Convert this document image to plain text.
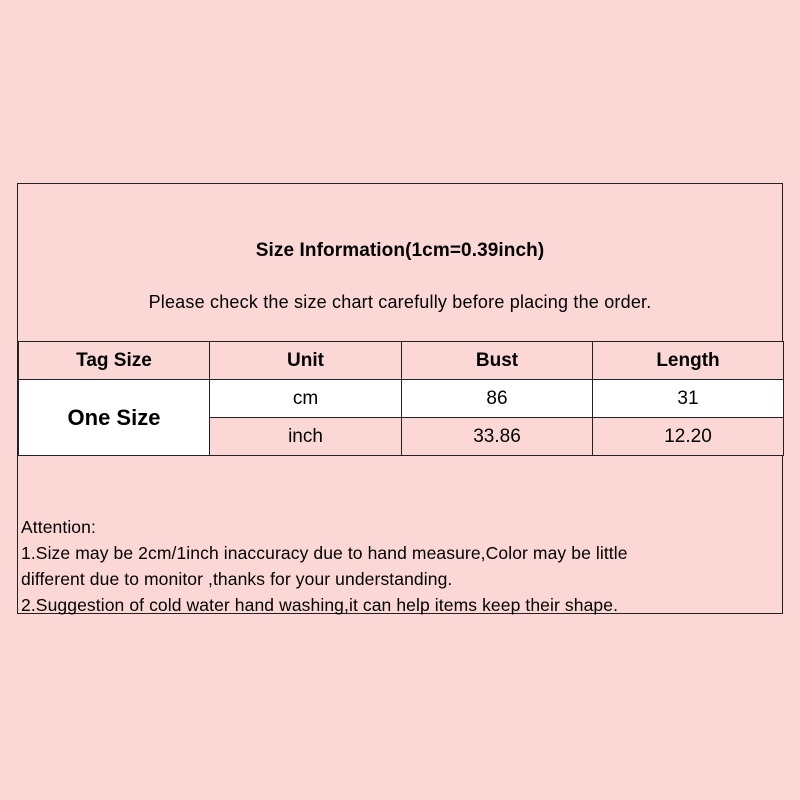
Size Information(1cm=0.39inch)
Please check the size chart carefully before placing the order.
Tag Size	Unit	Bust	Length
One Size	cm	86	31
	inch	33.86	12.20
Attention:
1.Size may be 2cm/1inch inaccuracy due to hand measure,Color may be little
different due to monitor ,thanks for your understanding.
2.Suggestion of cold water hand washing,it can help items keep their shape.
